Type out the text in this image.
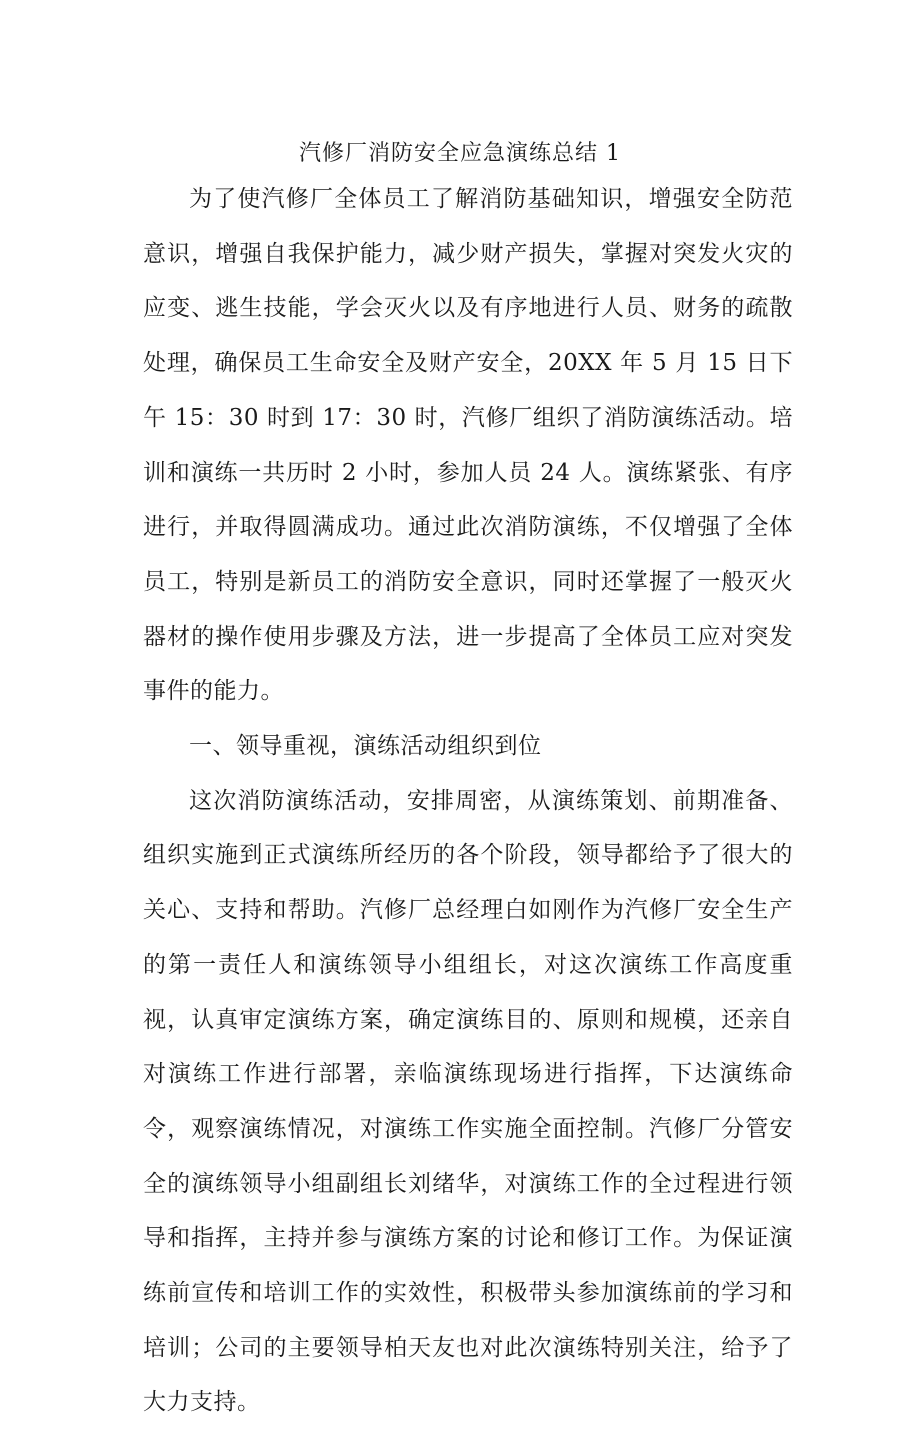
汽修厂消防安全应急演练总结 1

为了使汽修厂全体员工了解消防基础知识，增强安全防范意识，增强自我保护能力，减少财产损失，掌握对突发火灾的应变、逃生技能，学会灭火以及有序地进行人员、财务的疏散处理，确保员工生命安全及财产安全，20XX 年 5 月 15 日下午 15：30 时到 17：30 时，汽修厂组织了消防演练活动。培训和演练一共历时 2 小时，参加人员 24 人。演练紧张、有序进行，并取得圆满成功。通过此次消防演练，不仅增强了全体员工，特别是新员工的消防安全意识，同时还掌握了一般灭火器材的操作使用步骤及方法，进一步提高了全体员工应对突发事件的能力。

一、领导重视，演练活动组织到位

这次消防演练活动，安排周密，从演练策划、前期准备、组织实施到正式演练所经历的各个阶段，领导都给予了很大的关心、支持和帮助。汽修厂总经理白如刚作为汽修厂安全生产的第一责任人和演练领导小组组长，对这次演练工作高度重视，认真审定演练方案，确定演练目的、原则和规模，还亲自对演练工作进行部署，亲临演练现场进行指挥，下达演练命令，观察演练情况，对演练工作实施全面控制。汽修厂分管安全的演练领导小组副组长刘绪华，对演练工作的全过程进行领导和指挥，主持并参与演练方案的讨论和修订工作。为保证演练前宣传和培训工作的实效性，积极带头参加演练前的学习和培训；公司的主要领导柏天友也对此次演练特别关注，给予了大力支持。
